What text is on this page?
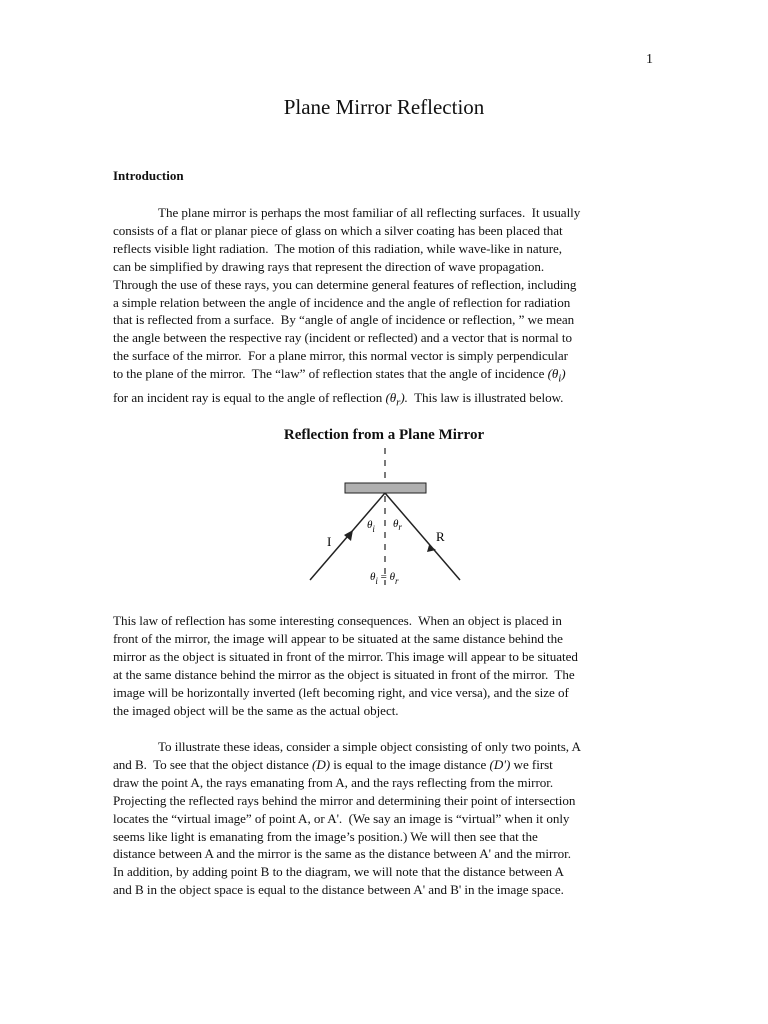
1
Plane Mirror Reflection
Introduction
The plane mirror is perhaps the most familiar of all reflecting surfaces.  It usually
consists of a flat or planar piece of glass on which a silver coating has been placed that
reflects visible light radiation.  The motion of this radiation, while wave-like in nature,
can be simplified by drawing rays that represent the direction of wave propagation.
Through the use of these rays, you can determine general features of reflection, including
a simple relation between the angle of incidence and the angle of reflection for radiation
that is reflected from a surface.  By “angle of angle of incidence or reflection, ” we mean
the angle between the respective ray (incident or reflected) and a vector that is normal to
the surface of the mirror.  For a plane mirror, this normal vector is simply perpendicular
to the plane of the mirror.  The “law” of reflection states that the angle of incidence $(\theta_i)$
for an incident ray is equal to the angle of reflection $(\theta_r)$.  This law is illustrated below.
Reflection from a Plane Mirror
I	R
$\theta_i$ $\theta_r$
$\theta_i = \theta_r$
This law of reflection has some interesting consequences.  When an object is placed in
front of the mirror, the image will appear to be situated at the same distance behind the
mirror as the object is situated in front of the mirror. This image will appear to be situated
at the same distance behind the mirror as the object is situated in front of the mirror.  The
image will be horizontally inverted (left becoming right, and vice versa), and the size of
the imaged object will be the same as the actual object.
To illustrate these ideas, consider a simple object consisting of only two points, A
and B.  To see that the object distance (D) is equal to the image distance (D') we first
draw the point A, the rays emanating from A, and the rays reflecting from the mirror.
Projecting the reflected rays behind the mirror and determining their point of intersection
locates the “virtual image” of point A, or A'.  (We say an image is “virtual” when it only
seems like light is emanating from the image’s position.) We will then see that the
distance between A and the mirror is the same as the distance between A' and the mirror.
In addition, by adding point B to the diagram, we will note that the distance between A
and B in the object space is equal to the distance between A' and B' in the image space.
